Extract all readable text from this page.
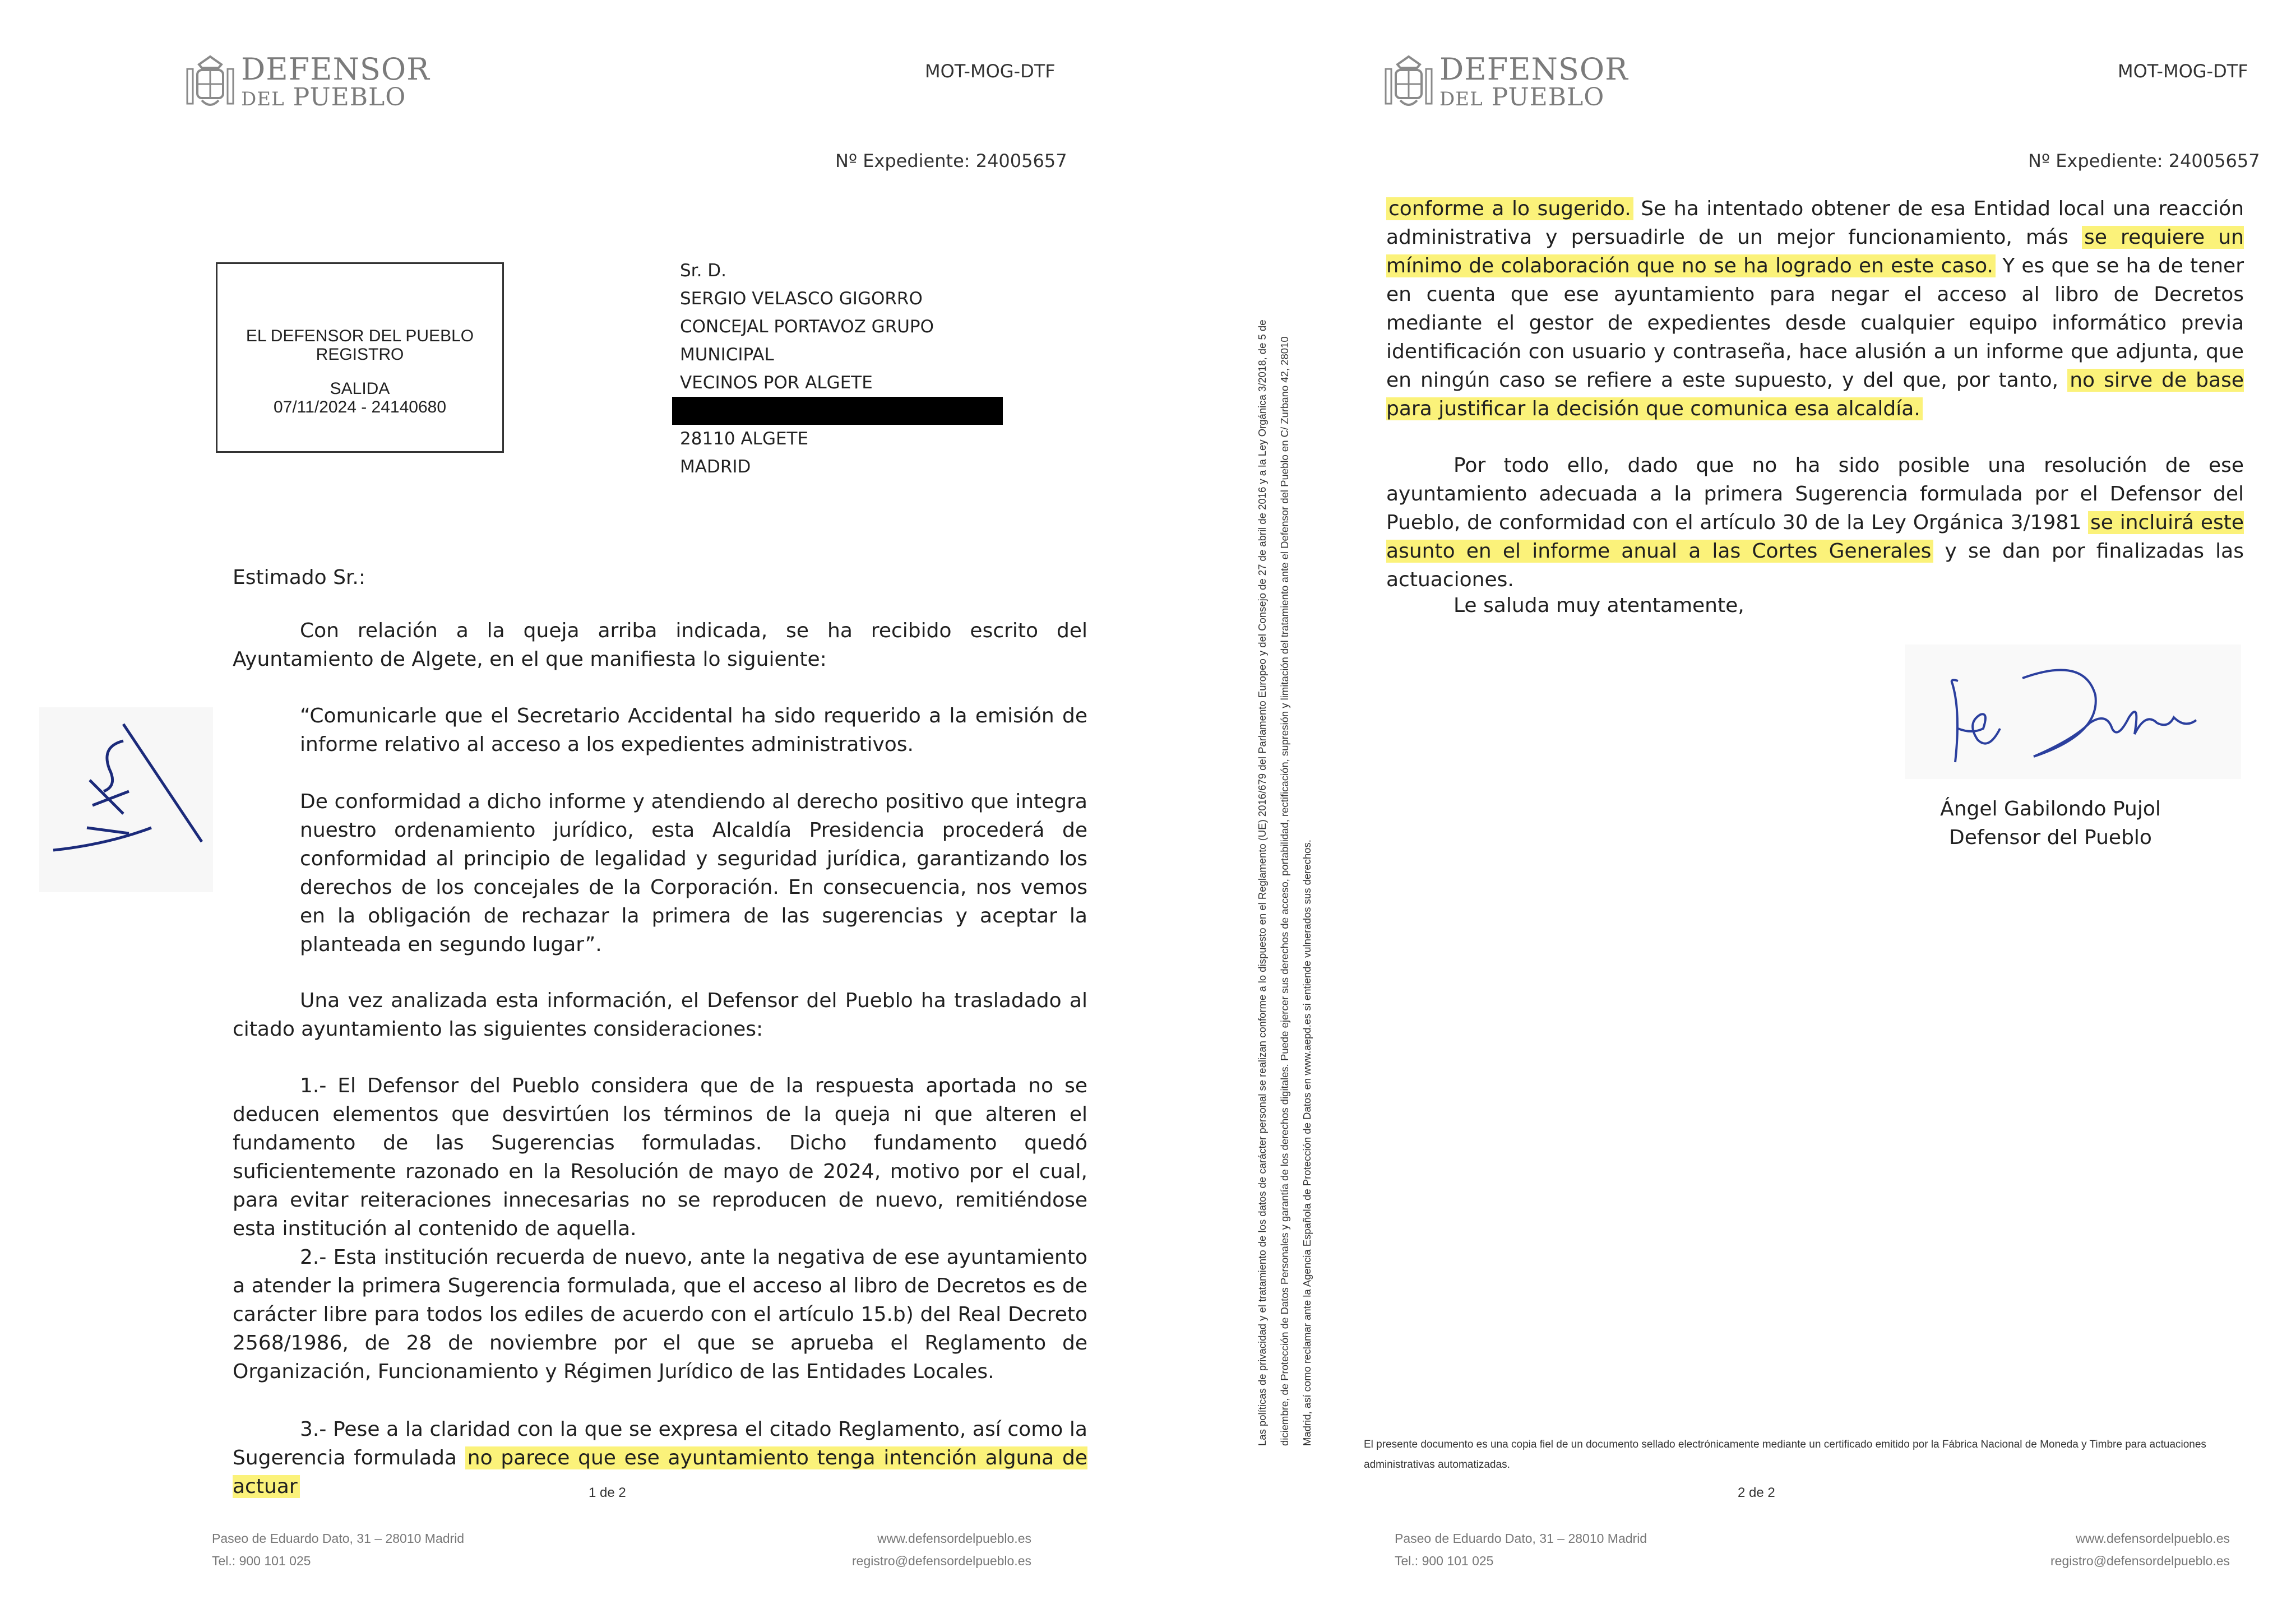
DEFENSOR
DEL PUEBLO
MOT-MOG-DTF
Nº Expediente: 24005657
EL DEFENSOR DEL PUEBLO
REGISTRO
SALIDA
07/11/2024 - 24140680
Sr. D.
SERGIO VELASCO GIGORRO
CONCEJAL PORTAVOZ GRUPO MUNICIPAL
VECINOS POR ALGETE
28110 ALGETE
MADRID
Estimado Sr.:
Con relación a la queja arriba indicada, se ha recibido escrito del Ayuntamiento de Algete, en el que manifiesta lo siguiente:
“Comunicarle que el Secretario Accidental ha sido requerido a la emisión de informe relativo al acceso a los expedientes administrativos.
De conformidad a dicho informe y atendiendo al derecho positivo que integra nuestro ordenamiento jurídico, esta Alcaldía Presidencia procederá de conformidad al principio de legalidad y seguridad jurídica, garantizando los derechos de los concejales de la Corporación. En consecuencia, nos vemos en la obligación de rechazar la primera de las sugerencias y aceptar la planteada en segundo lugar”.
Una vez analizada esta información, el Defensor del Pueblo ha trasladado al citado ayuntamiento las siguientes consideraciones:
1.- El Defensor del Pueblo considera que de la respuesta aportada no se deducen elementos que desvirtúen los términos de la queja ni que alteren el fundamento de las Sugerencias formuladas. Dicho fundamento quedó suficientemente razonado en la Resolución de mayo de 2024, motivo por el cual, para evitar reiteraciones innecesarias no se reproducen de nuevo, remitiéndose esta institución al contenido de aquella.
2.- Esta institución recuerda de nuevo, ante la negativa de ese ayuntamiento a atender la primera Sugerencia formulada, que el acceso al libro de Decretos es de carácter libre para todos los ediles de acuerdo con el artículo 15.b) del Real Decreto 2568/1986, de 28 de noviembre por el que se aprueba el Reglamento de Organización, Funcionamiento y Régimen Jurídico de las Entidades Locales.
3.- Pese a la claridad con la que se expresa el citado Reglamento, así como la Sugerencia formulada no parece que ese ayuntamiento tenga intención alguna de actuar	1 de 2
Paseo de Eduardo Dato, 31 – 28010 Madrid
Tel.: 900 101 025
www.defensordelpueblo.es
registro@defensordelpueblo.es
Las políticas de privacidad y el tratamiento de los datos de carácter personal se realizan conforme a lo dispuesto en el Reglamento (UE) 2016/679 del Parlamento Europeo y del Consejo de 27 de abril de 2016 y a la Ley Orgánica 3/2018, de 5 de	diciembre, de Protección de Datos Personales y garantía de los derechos digitales. Puede ejercer sus derechos de acceso, portabilidad, rectificación, supresión y limitación del tratamiento ante el Defensor del Pueblo en C/ Zurbano 42, 28010	Madrid, así como reclamar ante la Agencia Española de Protección de Datos en www.aepd.es si entiende vulnerados sus derechos.
DEFENSOR
DEL PUEBLO
MOT-MOG-DTF
Nº Expediente: 24005657
conforme a lo sugerido. Se ha intentado obtener de esa Entidad local una reacción administrativa y persuadirle de un mejor funcionamiento, más se requiere un mínimo de colaboración que no se ha logrado en este caso. Y es que se ha de tener en cuenta que ese ayuntamiento para negar el acceso al libro de Decretos mediante el gestor de expedientes desde cualquier equipo informático previa identificación con usuario y contraseña, hace alusión a un informe que adjunta, que en ningún caso se refiere a este supuesto, y del que, por tanto, no sirve de base para justificar la decisión que comunica esa alcaldía.
Por todo ello, dado que no ha sido posible una resolución de ese ayuntamiento adecuada a la primera Sugerencia formulada por el Defensor del Pueblo, de conformidad con el artículo 30 de la Ley Orgánica 3/1981 se incluirá este asunto en el informe anual a las Cortes Generales y se dan por finalizadas las actuaciones.
Le saluda muy atentamente,
Ángel Gabilondo Pujol
Defensor del Pueblo
El presente documento es una copia fiel de un documento sellado electrónicamente mediante un certificado emitido por la Fábrica Nacional de Moneda y Timbre para actuaciones administrativas automatizadas.
2 de 2
Paseo de Eduardo Dato, 31 – 28010 Madrid
Tel.: 900 101 025
www.defensordelpueblo.es
registro@defensordelpueblo.es
